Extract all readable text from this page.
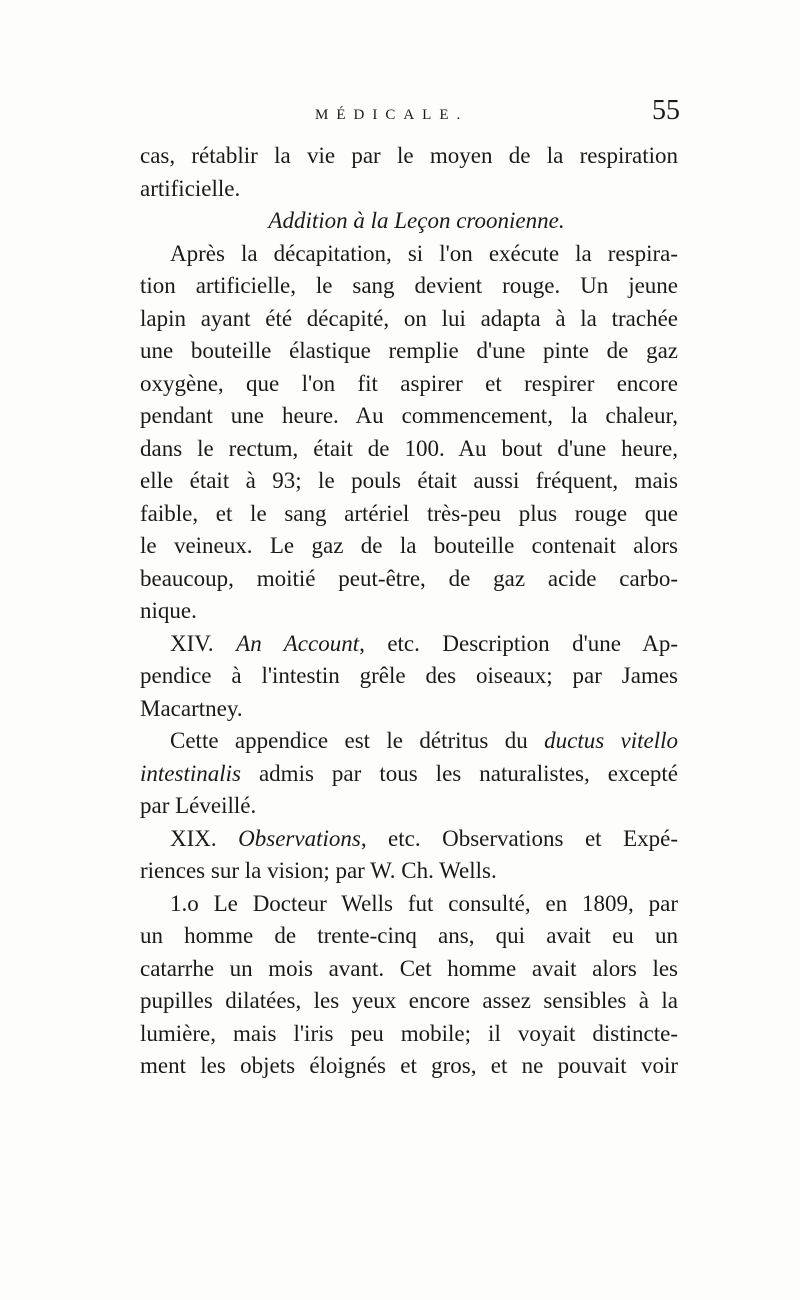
MÉDICALE.	55
cas, rétablir la vie par le moyen de la respiration
artificielle.
Addition à la Leçon croonienne.
Après la décapitation, si l'on exécute la respira-
tion artificielle, le sang devient rouge. Un jeune
lapin ayant été décapité, on lui adapta à la trachée
une bouteille élastique remplie d'une pinte de gaz
oxygène, que l'on fit aspirer et respirer encore
pendant une heure. Au commencement, la chaleur,
dans le rectum, était de 100. Au bout d'une heure,
elle était à 93; le pouls était aussi fréquent, mais
faible, et le sang artériel très-peu plus rouge que
le veineux. Le gaz de la bouteille contenait alors
beaucoup, moitié peut-être, de gaz acide carbo-
nique.
XIV. An Account, etc. Description d'une Ap-
pendice à l'intestin grêle des oiseaux; par James
Macartney.
Cette appendice est le détritus du ductus vitello
intestinalis admis par tous les naturalistes, excepté
par Léveillé.
XIX. Observations, etc. Observations et Expé-
riences sur la vision; par W. Ch. Wells.
1.o Le Docteur Wells fut consulté, en 1809, par
un homme de trente-cinq ans, qui avait eu un
catarrhe un mois avant. Cet homme avait alors les
pupilles dilatées, les yeux encore assez sensibles à la
lumière, mais l'iris peu mobile; il voyait distincte-
ment les objets éloignés et gros, et ne pouvait voir
